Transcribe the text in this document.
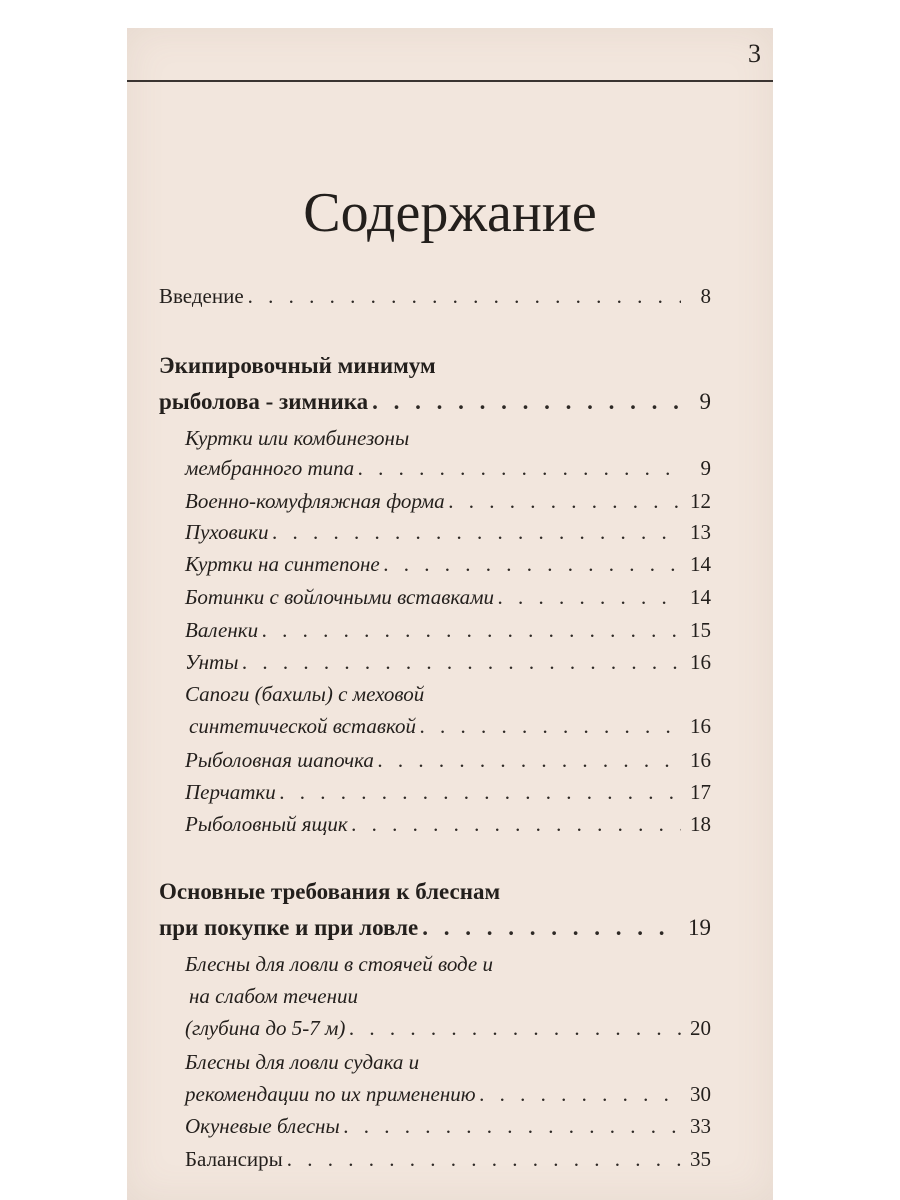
3
Содержание
Введение . . .	8
Экипировочный минимум
рыболова - зимника . . .	9
Куртки или комбинезоны
мембранного типа . . .	9
Военно-комуфляжная форма . . .	12
Пуховики . . .	13
Куртки на синтепоне . . .	14
Ботинки с войлочными вставками . . .	14
Валенки . . .	15
Унты . . .	16
Сапоги (бахилы) с меховой
синтетической вставкой . . .	16
Рыболовная шапочка . . .	16
Перчатки . . .	17
Рыболовный ящик . . .	18
Основные требования к блеснам
при покупке и при ловле . . .	19
Блесны для ловли в стоячей воде и
на слабом течении
(глубина до 5-7 м) . . .	20
Блесны для ловли судака и
рекомендации по их применению . . .	30
Окуневые блесны . . .	33
Балансиры . . .	35
